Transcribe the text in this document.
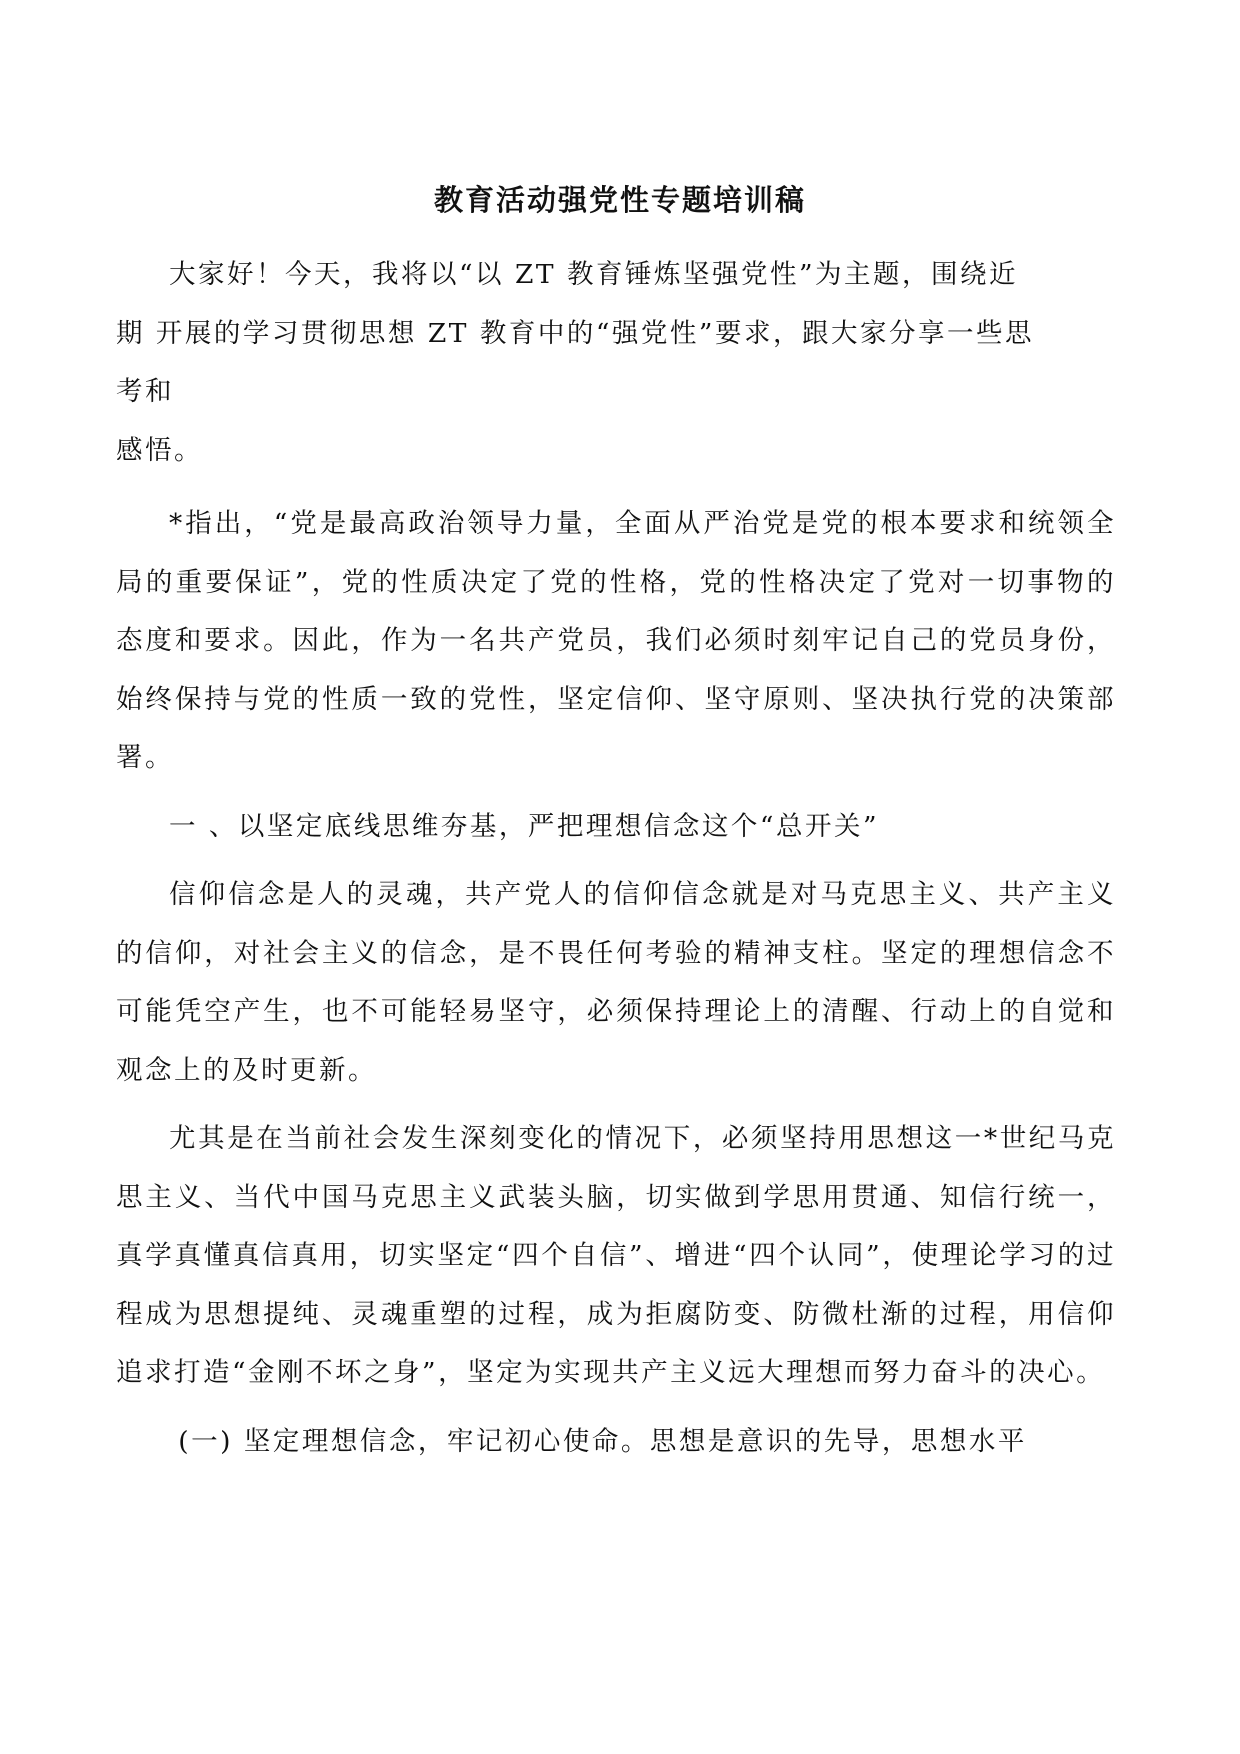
教育活动强党性专题培训稿

大家好！今天，我将以“以 ZT 教育锤炼坚强党性”为主题，围绕近
期 开展的学习贯彻思想 ZT 教育中的“强党性”要求，跟大家分享一些思
考和
感悟。

*指出，“党是最高政治领导力量，全面从严治党是党的根本要求和统领全局的重要保证”，党的性质决定了党的性格，党的性格决定了党对一切事物的态度和要求。因此，作为一名共产党员，我们必须时刻牢记自己的党员身份，始终保持与党的性质一致的党性，坚定信仰、坚守原则、坚决执行党的决策部署。

一 、以坚定底线思维夯基，严把理想信念这个“总开关”

信仰信念是人的灵魂，共产党人的信仰信念就是对马克思主义、共产主义的信仰，对社会主义的信念，是不畏任何考验的精神支柱。坚定的理想信念不可能凭空产生，也不可能轻易坚守，必须保持理论上的清醒、行动上的自觉和观念上的及时更新。

尤其是在当前社会发生深刻变化的情况下，必须坚持用思想这一*世纪马克思主义、当代中国马克思主义武装头脑，切实做到学思用贯通、知信行统一，真学真懂真信真用，切实坚定“四个自信”、增进“四个认同”，使理论学习的过程成为思想提纯、灵魂重塑的过程，成为拒腐防变、防微杜渐的过程，用信仰追求打造“金刚不坏之身”，坚定为实现共产主义远大理想而努力奋斗的决心。

(一) 坚定理想信念，牢记初心使命。思想是意识的先导，思想水平
